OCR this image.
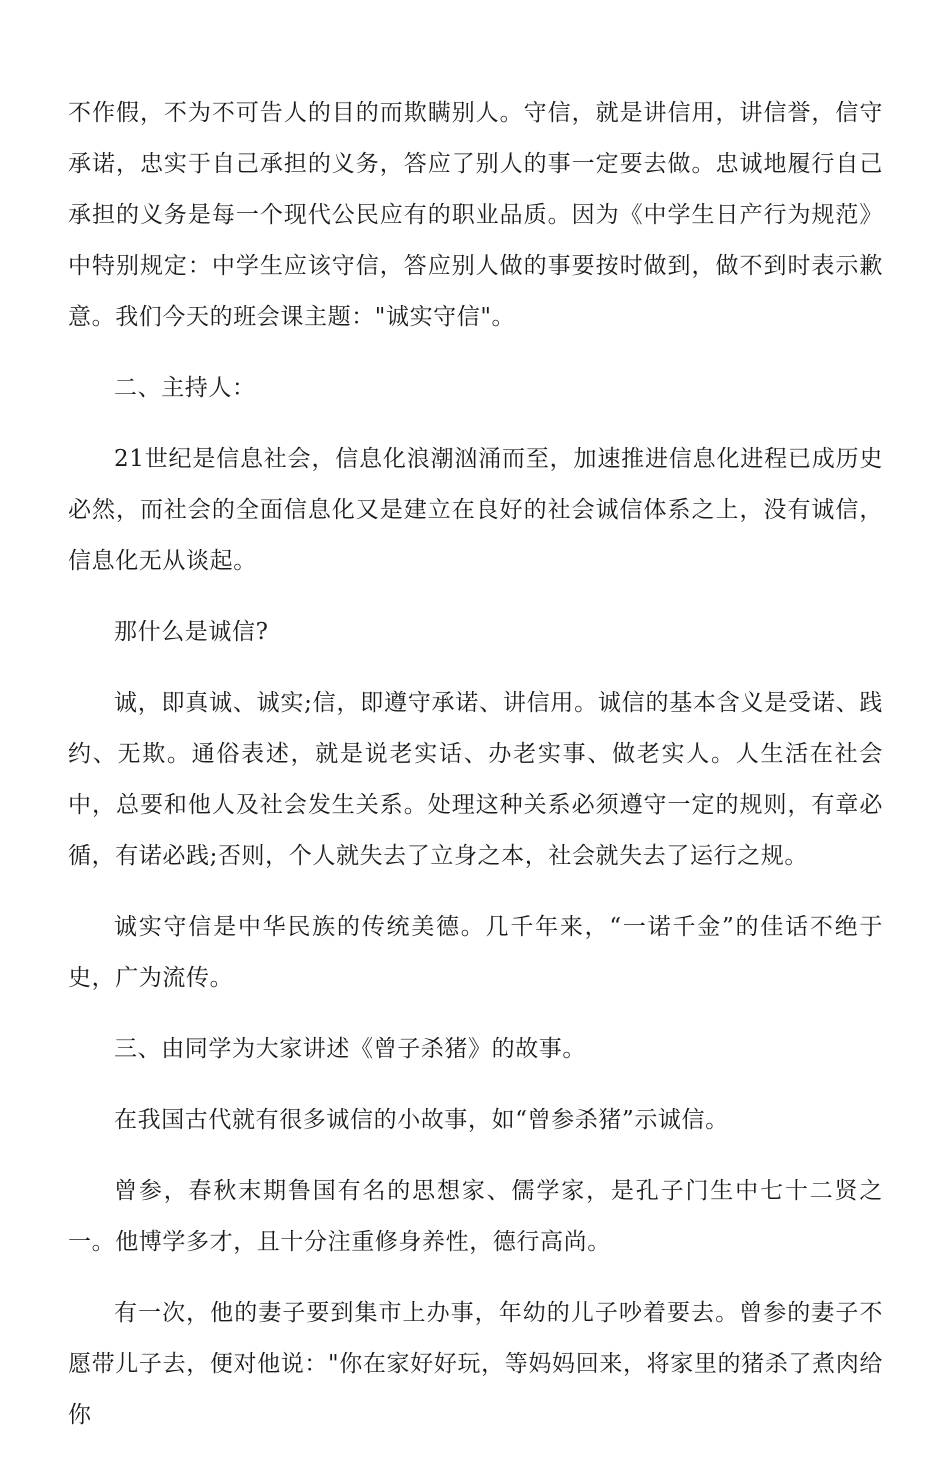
不作假，不为不可告人的目的而欺瞒别人。守信，就是讲信用，讲信誉，信守承诺，忠实于自己承担的义务，答应了别人的事一定要去做。忠诚地履行自己承担的义务是每一个现代公民应有的职业品质。因为《中学生日产行为规范》中特别规定：中学生应该守信，答应别人做的事要按时做到，做不到时表示歉意。我们今天的班会课主题："诚实守信"。

二、主持人：

21世纪是信息社会，信息化浪潮汹涌而至，加速推进信息化进程已成历史必然，而社会的全面信息化又是建立在良好的社会诚信体系之上，没有诚信，信息化无从谈起。

那什么是诚信?

诚，即真诚、诚实;信，即遵守承诺、讲信用。诚信的基本含义是受诺、践约、无欺。通俗表述，就是说老实话、办老实事、做老实人。人生活在社会中，总要和他人及社会发生关系。处理这种关系必须遵守一定的规则，有章必循，有诺必践;否则，个人就失去了立身之本，社会就失去了运行之规。

诚实守信是中华民族的传统美德。几千年来，“一诺千金”的佳话不绝于史，广为流传。

三、由同学为大家讲述《曾子杀猪》的故事。

在我国古代就有很多诚信的小故事，如“曾参杀猪”示诚信。

曾参，春秋末期鲁国有名的思想家、儒学家，是孔子门生中七十二贤之一。他博学多才，且十分注重修身养性，德行高尚。

有一次，他的妻子要到集市上办事，年幼的儿子吵着要去。曾参的妻子不愿带儿子去，便对他说："你在家好好玩，等妈妈回来，将家里的猪杀了煮肉给你
